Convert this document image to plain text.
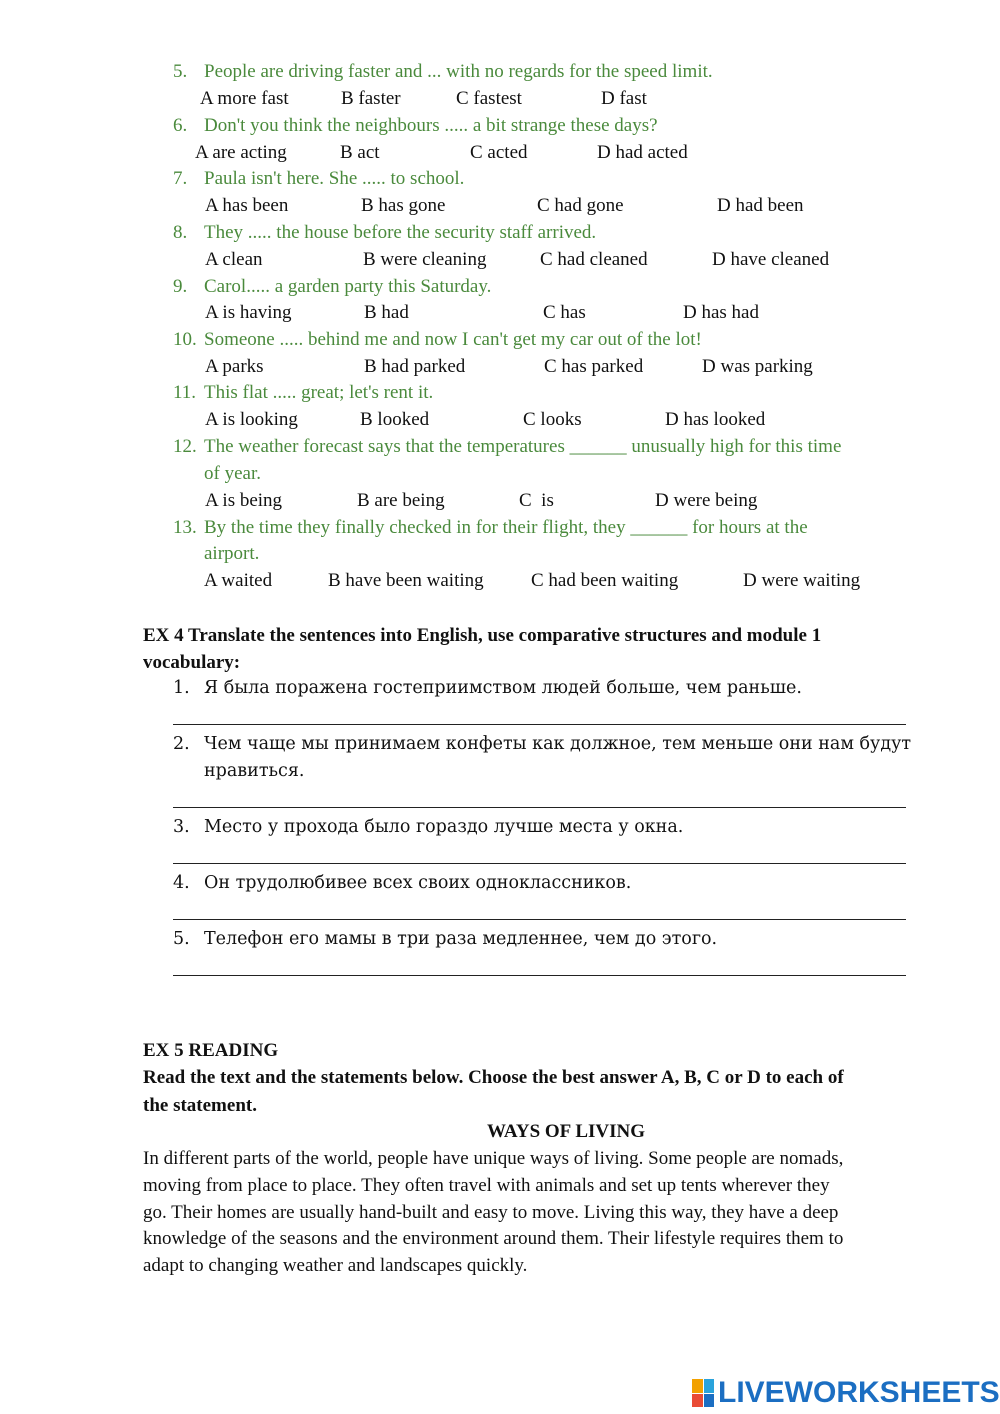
5. People are driving faster and ... with no regards for the speed limit.
A more fast	B faster	C fastest	D fast
6. Don't you think the neighbours ..... a bit strange these days?
A are acting	B act	C acted	D had acted
7. Paula isn't here. She ..... to school.
A has been	B has gone	C had gone	D had been
8. They ..... the house before the security staff arrived.
A clean	B were cleaning	C had cleaned	D have cleaned
9. Carol..... a garden party this Saturday.
A is having	B had	C has	D has had
10. Someone ..... behind me and now I can't get my car out of the lot!
A parks	B had parked	C has parked	D was parking
11. This flat ..... great; let's rent it.
A is looking	B looked	C looks	D has looked
12. The weather forecast says that the temperatures ______ unusually high for this time
of year.
A is being	B are being	C  is	D were being
13. By the time they finally checked in for their flight, they ______ for hours at the
airport.
A waited	B have been waiting C had been waiting	D were waiting
EX 4 Translate the sentences into English, use comparative structures and module 1
vocabulary:
1. Я была поражена гостеприимством людей больше, чем раньше.
2. Чем чаще мы принимаем конфеты как должное, тем меньше они нам будут
нравиться.
3. Место у прохода было гораздо лучше места у окна.
4. Он трудолюбивее всех своих одноклассников.
5. Телефон его мамы в три раза медленнее, чем до этого.
EX 5 READING
Read the text and the statements below. Choose the best answer A, B, C or D to each of
the statement.
WAYS OF LIVING
In different parts of the world, people have unique ways of living. Some people are nomads,
moving from place to place. They often travel with animals and set up tents wherever they
go. Their homes are usually hand-built and easy to move. Living this way, they have a deep
knowledge of the seasons and the environment around them. Their lifestyle requires them to
adapt to changing weather and landscapes quickly.
LIVEWORKSHEETS
